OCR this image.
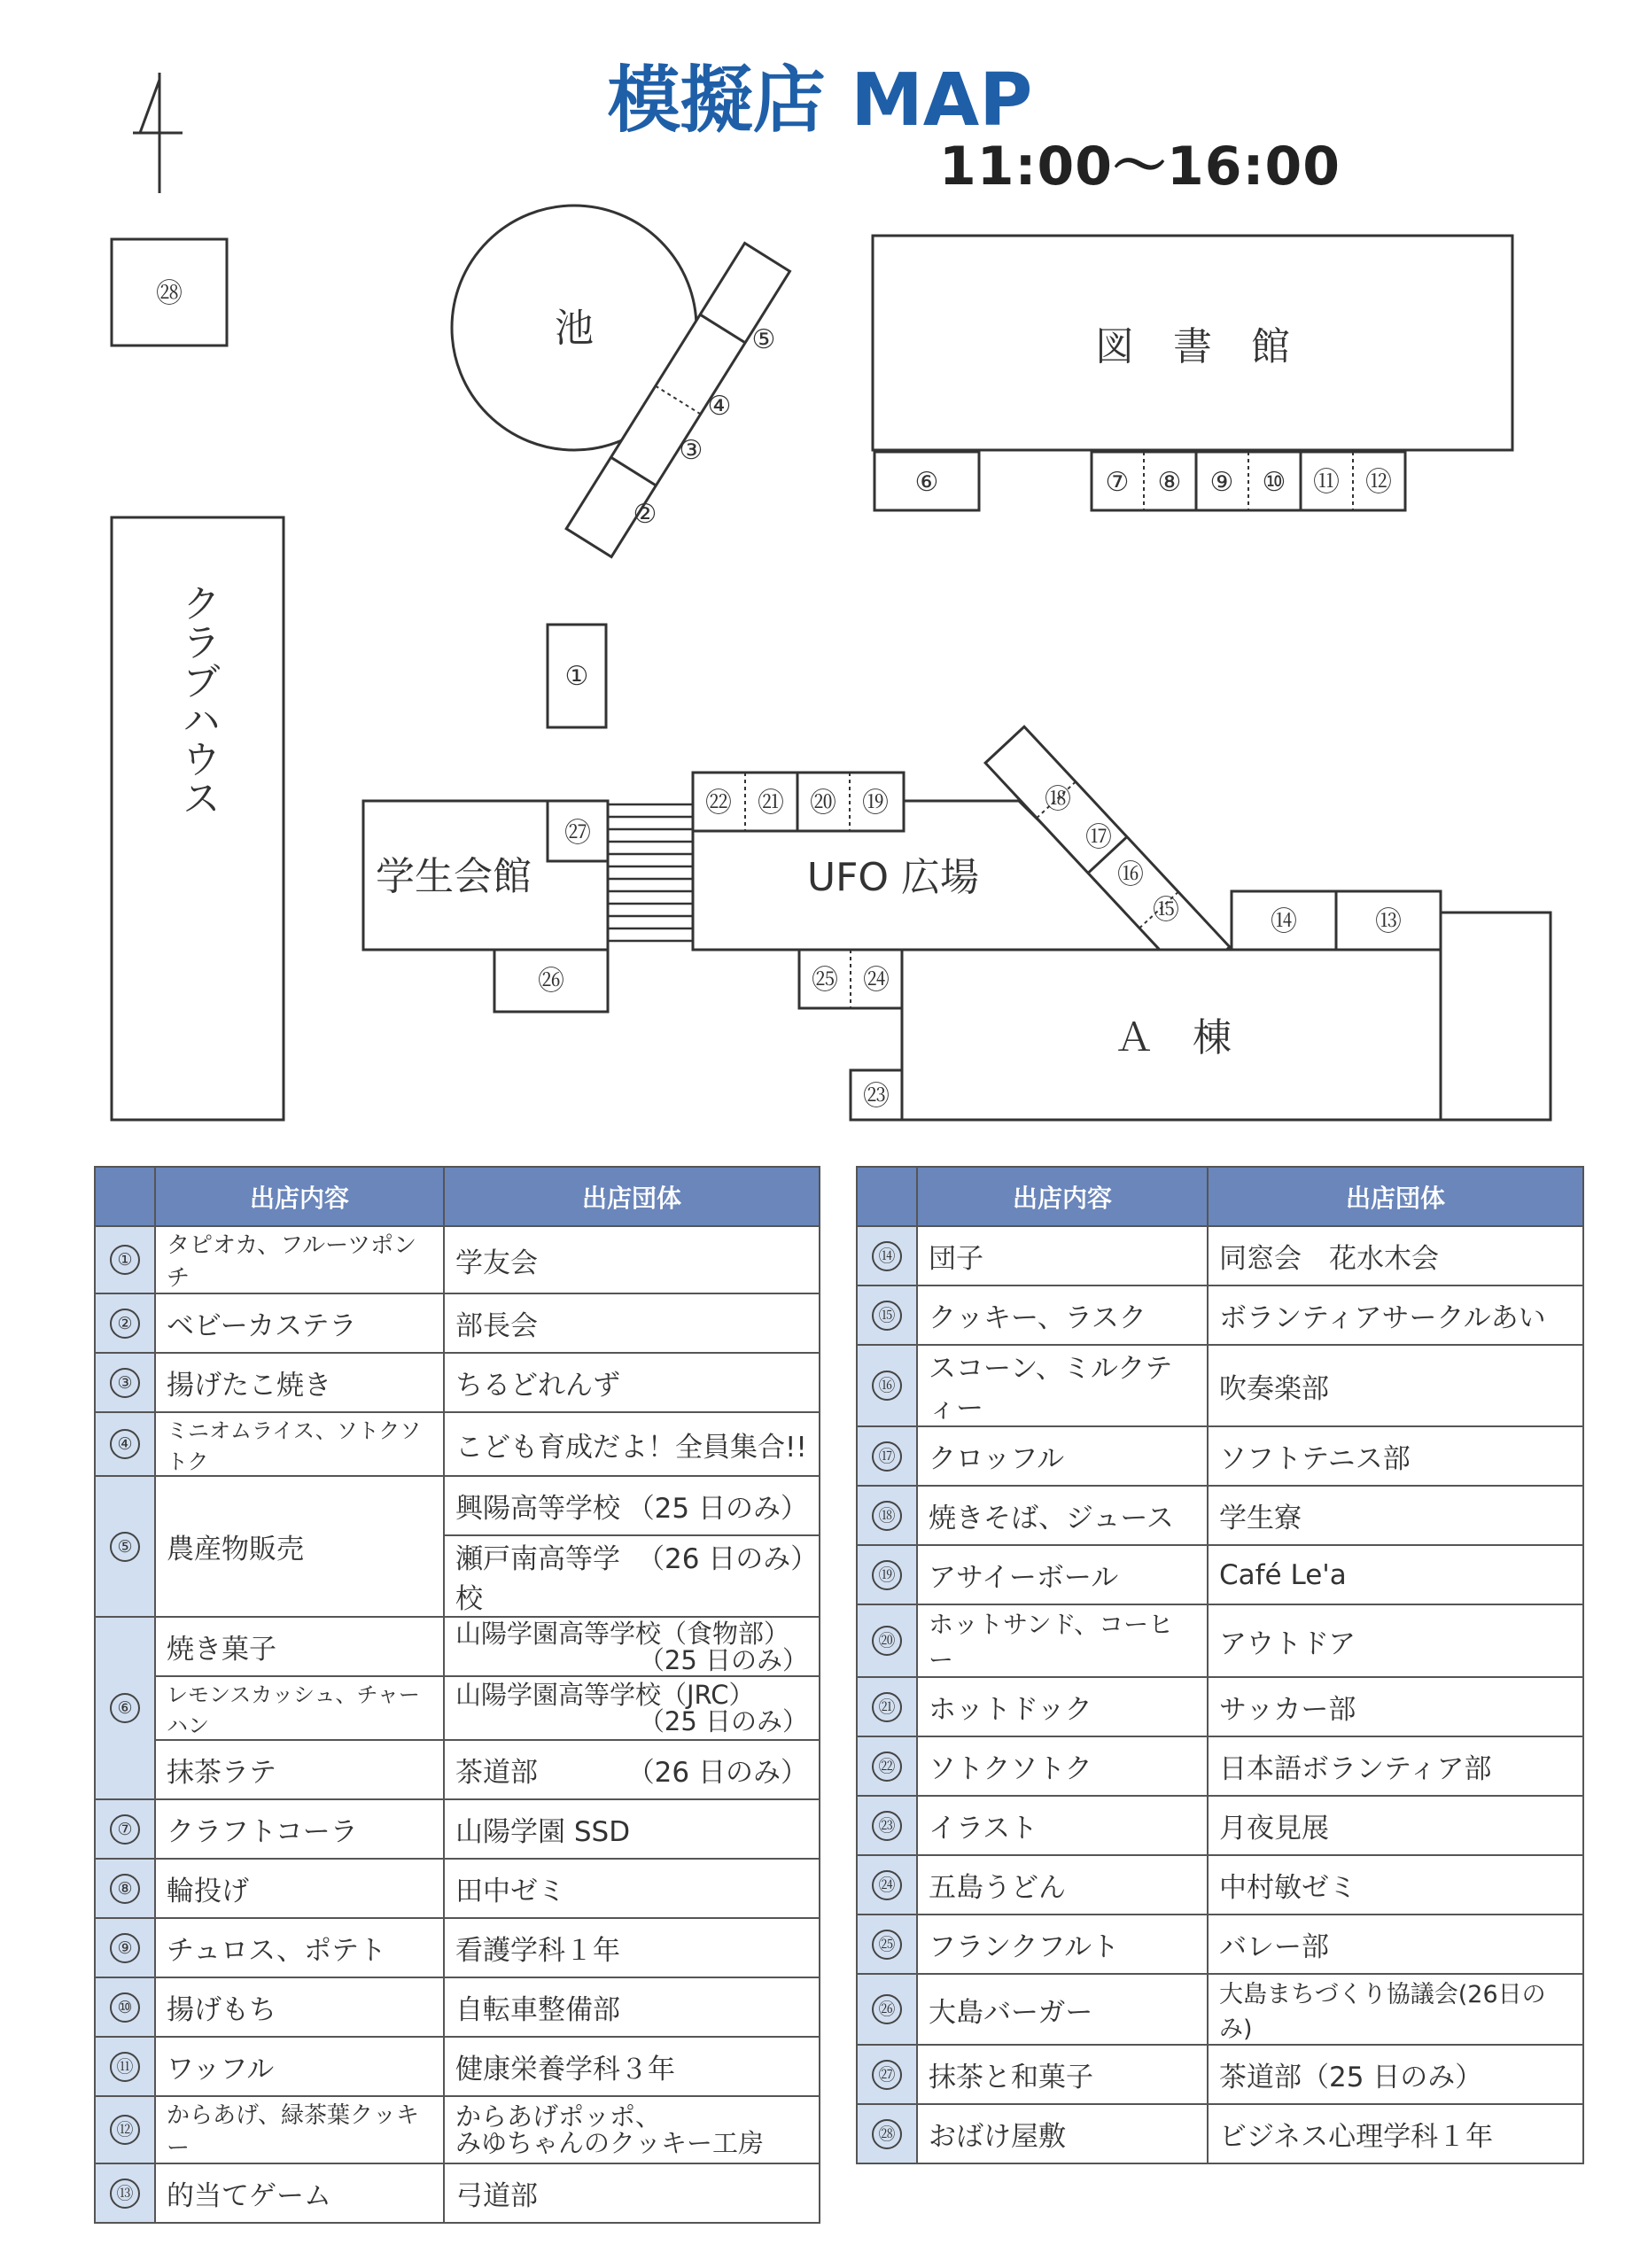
模擬店 MAP
11:00〜16:00
㉘
池
②
③
④
⑤	図　書　館
⑥	⑦ ⑧ ⑨ ⑩ ⑪ ⑫
クラブハウス	①
学生会館
㉗
㉖
UFO 広場
㉒ ㉑ ⑳ ⑲	⑱
⑰
⑯
⑮
Ａ　棟
⑭	⑬
㉕ ㉔
㉓
	出店内容	出店団体
①	タピオカ、フルーツポンチ	学友会
②	ベビーカステラ	部長会
③	揚げたこ焼き	ちるどれんず
④	ミニオムライス、ソトクソトク	こども育成だよ！全員集合!!
⑤	農産物販売	興陽高等学校 （25 日のみ）

		瀬戸南高等学校
（26 日のみ）

⑥	焼き菓子	山陽学園高等学校（食物部）
（25 日のみ）

	レモンスカッシュ、チャーハン	山陽学園高等学校（JRC）
（25 日のみ）

	抹茶ラテ	茶道部 （26 日のみ）

⑦	クラフトコーラ	山陽学園 SSD
⑧	輪投げ	田中ゼミ
⑨	チュロス、ポテト	看護学科１年
⑩	揚げもち	自転車整備部
⑪	ワッフル	健康栄養学科３年
⑫	からあげ、緑茶葉クッキー	からあげポッポ、
みゆちゃんのクッキー工房

⑬	的当てゲーム	弓道部
	出店内容	出店団体
⑭	団子	同窓会　花水木会
⑮	クッキー、ラスク	ボランティアサークルあい
⑯	スコーン、ミルクティー	吹奏楽部
⑰	クロッフル	ソフトテニス部
⑱	焼きそば、ジュース	学生寮
⑲	アサイーボール	Café Le'a
⑳	ホットサンド、コーヒー	アウトドア
㉑	ホットドック	サッカー部
㉒	ソトクソトク	日本語ボランティア部
㉓	イラスト	月夜見展
㉔	五島うどん	中村敏ゼミ
㉕	フランクフルト	バレー部
㉖	大島バーガー	大島まちづくり協議会(26日のみ)
㉗	抹茶と和菓子	茶道部（25 日のみ）
㉘	おばけ屋敷	ビジネス心理学科１年
